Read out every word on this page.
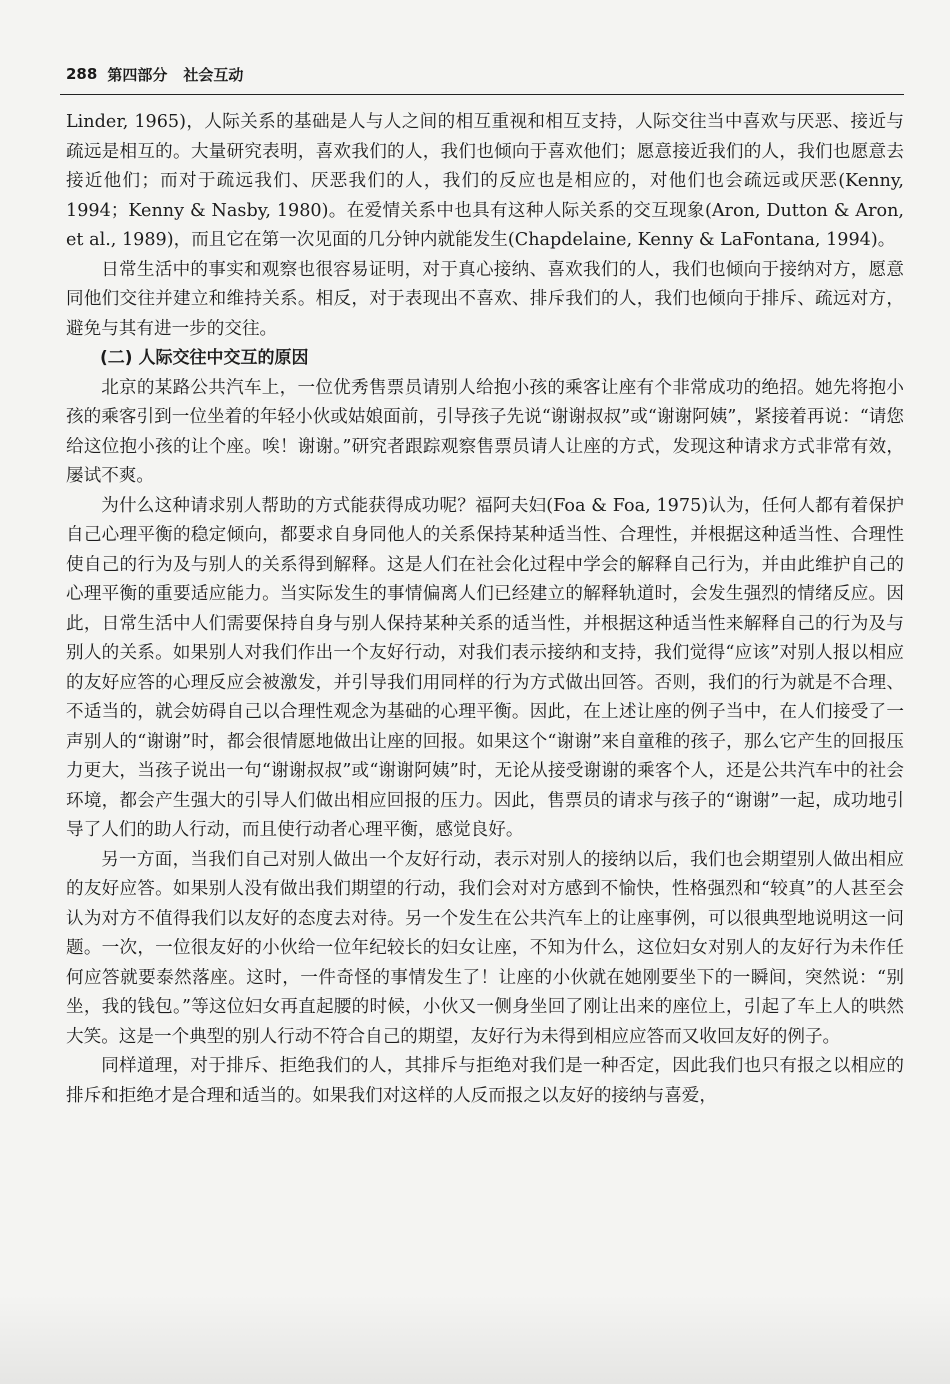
288 第四部分 社会互动

Linder, 1965)，人际关系的基础是人与人之间的相互重视和相互支持，人际交往当中喜欢与厌恶、接近与疏远是相互的。大量研究表明，喜欢我们的人，我们也倾向于喜欢他们；愿意接近我们的人，我们也愿意去接近他们；而对于疏远我们、厌恶我们的人，我们的反应也是相应的，对他们也会疏远或厌恶(Kenny, 1994；Kenny & Nasby, 1980)。在爱情关系中也具有这种人际关系的交互现象(Aron, Dutton & Aron, et al., 1989)，而且它在第一次见面的几分钟内就能发生(Chapdelaine, Kenny & LaFontana, 1994)。

日常生活中的事实和观察也很容易证明，对于真心接纳、喜欢我们的人，我们也倾向于接纳对方，愿意同他们交往并建立和维持关系。相反，对于表现出不喜欢、排斥我们的人，我们也倾向于排斥、疏远对方，避免与其有进一步的交往。

(二) 人际交往中交互的原因

北京的某路公共汽车上，一位优秀售票员请别人给抱小孩的乘客让座有个非常成功的绝招。她先将抱小孩的乘客引到一位坐着的年轻小伙或姑娘面前，引导孩子先说“谢谢叔叔”或“谢谢阿姨”，紧接着再说：“请您给这位抱小孩的让个座。唉！谢谢。”研究者跟踪观察售票员请人让座的方式，发现这种请求方式非常有效，屡试不爽。

为什么这种请求别人帮助的方式能获得成功呢？福阿夫妇(Foa & Foa, 1975)认为，任何人都有着保护自己心理平衡的稳定倾向，都要求自身同他人的关系保持某种适当性、合理性，并根据这种适当性、合理性使自己的行为及与别人的关系得到解释。这是人们在社会化过程中学会的解释自己行为，并由此维护自己的心理平衡的重要适应能力。当实际发生的事情偏离人们已经建立的解释轨道时，会发生强烈的情绪反应。因此，日常生活中人们需要保持自身与别人保持某种关系的适当性，并根据这种适当性来解释自己的行为及与别人的关系。如果别人对我们作出一个友好行动，对我们表示接纳和支持，我们觉得“应该”对别人报以相应的友好应答的心理反应会被激发，并引导我们用同样的行为方式做出回答。否则，我们的行为就是不合理、不适当的，就会妨碍自己以合理性观念为基础的心理平衡。因此，在上述让座的例子当中，在人们接受了一声别人的“谢谢”时，都会很情愿地做出让座的回报。如果这个“谢谢”来自童稚的孩子，那么它产生的回报压力更大，当孩子说出一句“谢谢叔叔”或“谢谢阿姨”时，无论从接受谢谢的乘客个人，还是公共汽车中的社会环境，都会产生强大的引导人们做出相应回报的压力。因此，售票员的请求与孩子的“谢谢”一起，成功地引导了人们的助人行动，而且使行动者心理平衡，感觉良好。

另一方面，当我们自己对别人做出一个友好行动，表示对别人的接纳以后，我们也会期望别人做出相应的友好应答。如果别人没有做出我们期望的行动，我们会对对方感到不愉快，性格强烈和“较真”的人甚至会认为对方不值得我们以友好的态度去对待。另一个发生在公共汽车上的让座事例，可以很典型地说明这一问题。一次，一位很友好的小伙给一位年纪较长的妇女让座，不知为什么，这位妇女对别人的友好行为未作任何应答就要泰然落座。这时，一件奇怪的事情发生了！让座的小伙就在她刚要坐下的一瞬间，突然说：“别坐，我的钱包。”等这位妇女再直起腰的时候，小伙又一侧身坐回了刚让出来的座位上，引起了车上人的哄然大笑。这是一个典型的别人行动不符合自己的期望，友好行为未得到相应应答而又收回友好的例子。

同样道理，对于排斥、拒绝我们的人，其排斥与拒绝对我们是一种否定，因此我们也只有报之以相应的排斥和拒绝才是合理和适当的。如果我们对这样的人反而报之以友好的接纳与喜爱，
